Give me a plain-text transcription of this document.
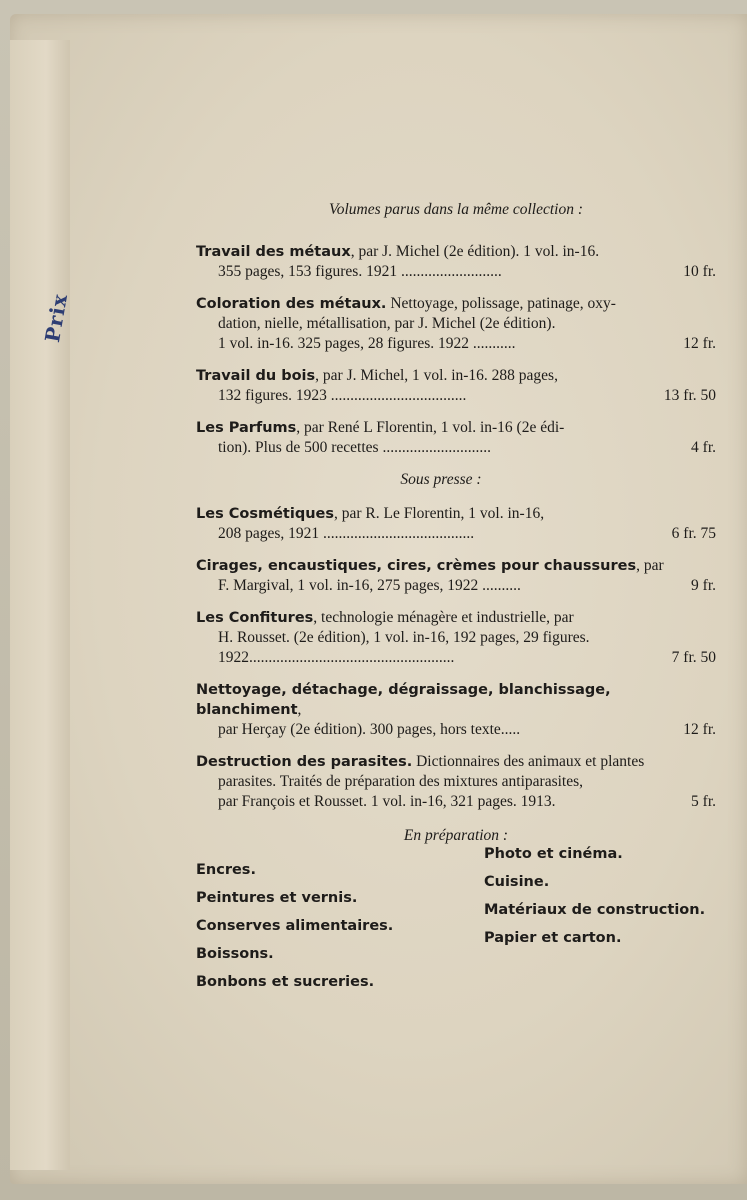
Prix
Volumes parus dans la même collection :
Travail des métaux, par J. Michel (2e édition). 1 vol. in-16.
355 pages, 153 figures. 1921 ..........................	10 fr.
Coloration des métaux. Nettoyage, polissage, patinage, oxy-
dation, nielle, métallisation, par J. Michel (2e édition).
1 vol. in-16. 325 pages, 28 figures. 1922 ...........	12 fr.
Travail du bois, par J. Michel, 1 vol. in-16. 288 pages,
132 figures. 1923 ...................................	13 fr. 50
Les Parfums, par René L Florentin, 1 vol. in-16 (2e édi-
tion). Plus de 500 recettes ............................	4 fr.
Sous presse :
Les Cosmétiques, par R. Le Florentin, 1 vol. in-16,
208 pages, 1921 .......................................	6 fr. 75
Cirages, encaustiques, cires, crèmes pour chaussures, par
F. Margival, 1 vol. in-16, 275 pages, 1922 ..........	9 fr.
Les Confitures, technologie ménagère et industrielle, par
H. Rousset. (2e édition), 1 vol. in-16, 192 pages, 29 figures.
1922.....................................................	7 fr. 50
Nettoyage, détachage, dégraissage, blanchissage, blanchiment,
par Herçay (2e édition). 300 pages, hors texte.....	12 fr.
Destruction des parasites. Dictionnaires des animaux et plantes
parasites. Traités de préparation des mixtures antiparasites,
par François et Rousset. 1 vol. in-16, 321 pages. 1913.	5 fr.
En préparation :
Encres.
Peintures et vernis.
Conserves alimentaires.
Boissons.
Bonbons et sucreries.
Photo et cinéma.
Cuisine.
Matériaux de construction.
Papier et carton.
